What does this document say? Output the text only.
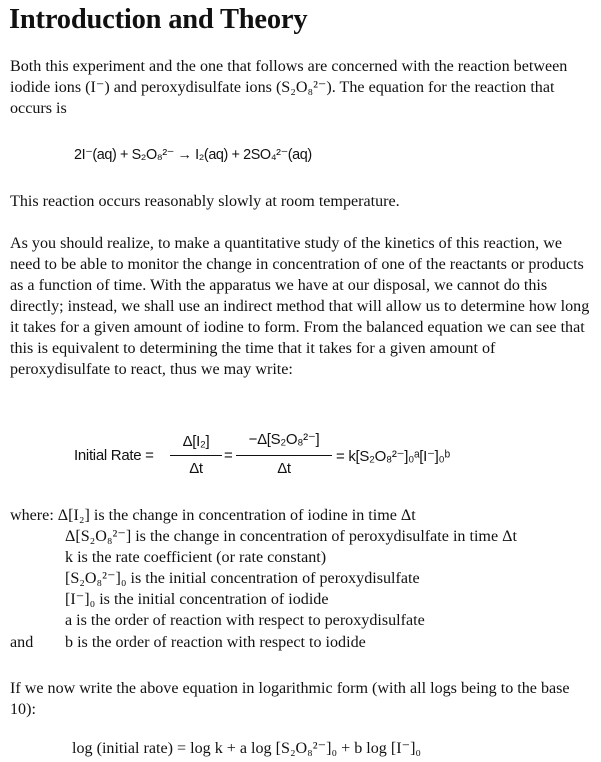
Introduction and Theory

Both this experiment and the one that follows are concerned with the reaction between iodide ions (I⁻) and peroxydisulfate ions (S₂O₈²⁻). The equation for the reaction that occurs is

2I⁻(aq) + S₂O₈²⁻ → I₂(aq) + 2SO₄²⁻(aq)

This reaction occurs reasonably slowly at room temperature.

As you should realize, to make a quantitative study of the kinetics of this reaction, we need to be able to monitor the change in concentration of one of the reactants or products as a function of time. With the apparatus we have at our disposal, we cannot do this directly; instead, we shall use an indirect method that will allow us to determine how long it takes for a given amount of iodine to form. From the balanced equation we can see that this is equivalent to determining the time that it takes for a given amount of peroxydisulfate to react, thus we may write:

Initial Rate =
Δ[I₂]
Δt
=
−Δ[S₂O₈²⁻]
Δt
= k[S₂O₈²⁻]₀ᵃ[I⁻]₀ᵇ
where: Δ[I₂] is the change in concentration of iodine in time Δt
Δ[S₂O₈²⁻] is the change in concentration of peroxydisulfate in time Δt
k is the rate coefficient (or rate constant)
[S₂O₈²⁻]₀ is the initial concentration of peroxydisulfate
[I⁻]₀ is the initial concentration of iodide
a is the order of reaction with respect to peroxydisulfate
and b is the order of reaction with respect to iodide

If we now write the above equation in logarithmic form (with all logs being to the base 10):

log (initial rate) = log k + a log [S₂O₈²⁻]₀ + b log [I⁻]₀
